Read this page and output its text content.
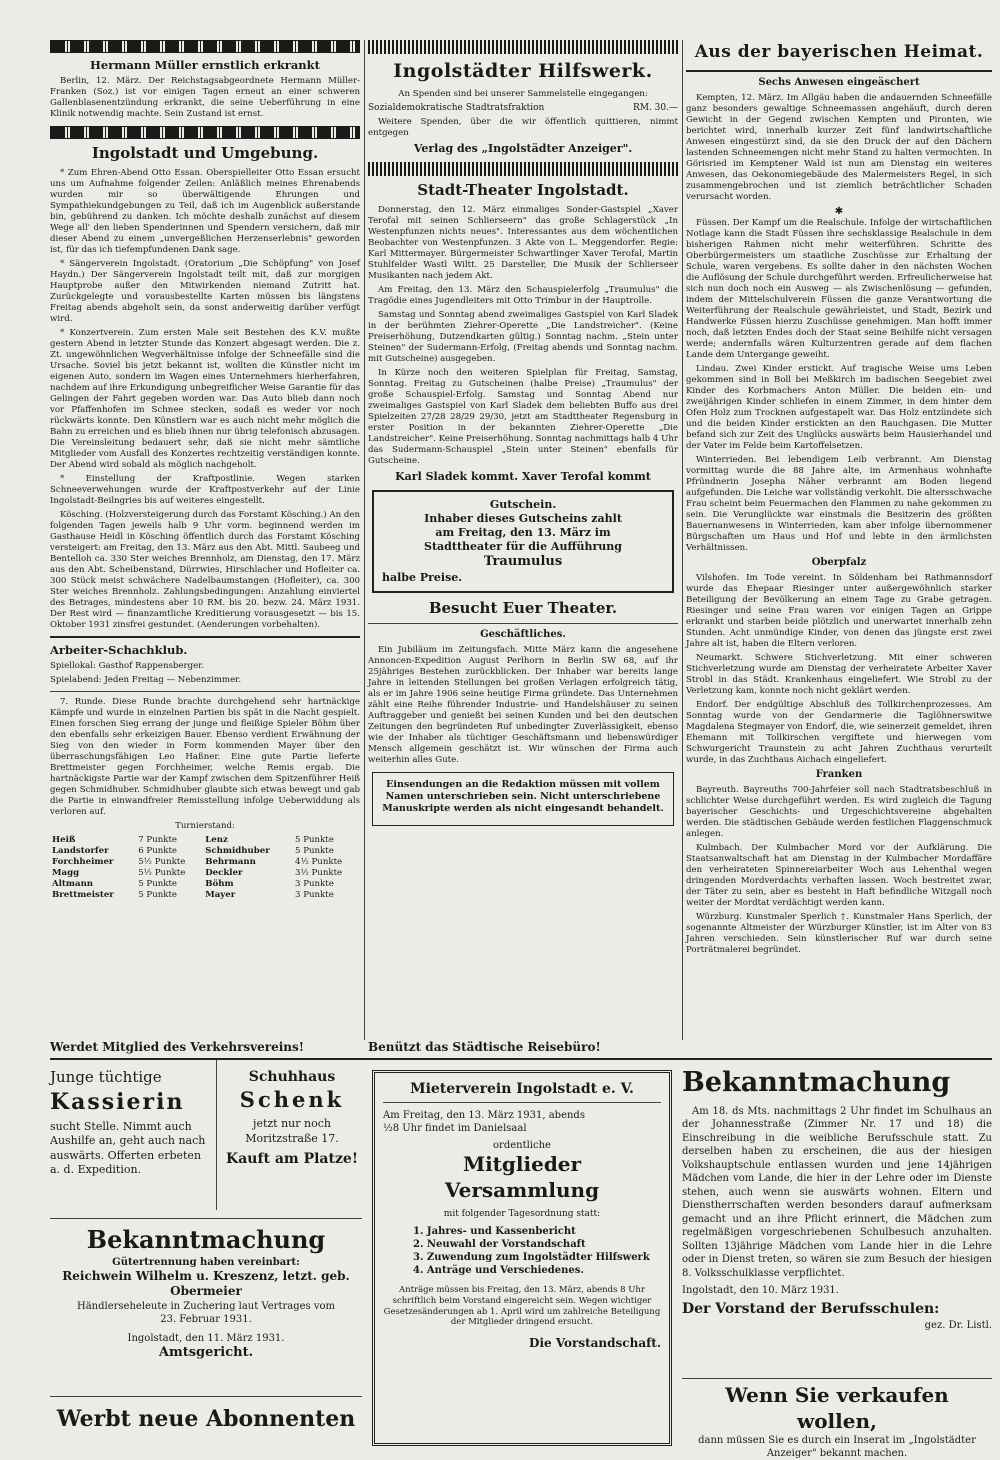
Hermann Müller ernstlich erkrankt

Berlin, 12. März. Der Reichstagsabgeordnete Hermann Müller-Franken (Soz.) ist vor einigen Tagen erneut an einer schweren Gallenblasenentzündung erkrankt, die seine Ueberführung in eine Klinik notwendig machte. Sein Zustand ist ernst.

Ingolstadt und Umgebung.

* Zum Ehren-Abend Otto Essan. Oberspielleiter Otto Essan ersucht uns um Aufnahme folgender Zeilen: Anläßlich meines Ehrenabends wurden mir so überwältigende Ehrungen und Sympathiekundgebungen zu Teil, daß ich im Augenblick außerstande bin, gebührend zu danken. Ich möchte deshalb zunächst auf diesem Wege all' den lieben Spenderinnen und Spendern versichern, daß mir dieser Abend zu einem „unvergeßlichen Herzenserlebnis" geworden ist, für das ich tiefempfundenen Dank sage.

* Sängerverein Ingolstadt. (Oratorium „Die Schöpfung" von Josef Haydn.) Der Sängerverein Ingolstadt teilt mit, daß zur morgigen Hauptprobe außer den Mitwirkenden niemand Zutritt hat. Zurückgelegte und vorausbestellte Karten müssen bis längstens Freitag abends abgeholt sein, da sonst anderweitig darüber verfügt wird.

* Konzertverein. Zum ersten Male seit Bestehen des K.V. mußte gestern Abend in letzter Stunde das Konzert abgesagt werden. Die z. Zt. ungewöhnlichen Wegverhältnisse infolge der Schneefälle sind die Ursache. Soviel bis jetzt bekannt ist, wollten die Künstler nicht im eigenen Auto, sondern im Wagen eines Unternehmers hierherfahren, nachdem auf ihre Erkundigung unbegreiflicher Weise Garantie für das Gelingen der Fahrt gegeben worden war. Das Auto blieb dann noch vor Pfaffenhofen im Schnee stecken, sodaß es weder vor noch rückwärts konnte. Den Künstlern war es auch nicht mehr möglich die Bahn zu erreichen und es blieb ihnen nur übrig telefonisch abzusagen. Die Vereinsleitung bedauert sehr, daß sie nicht mehr sämtliche Mitglieder vom Ausfall des Konzertes rechtzeitig verständigen konnte. Der Abend wird sobald als möglich nachgeholt.

* Einstellung der Kraftpostlinie. Wegen starken Schneeverwehungen wurde der Kraftpostverkehr auf der Linie Ingolstadt-Beilngries bis auf weiteres eingestellt.

Kösching. (Holzversteigerung durch das Forstamt Kösching.) An den folgenden Tagen jeweils halb 9 Uhr vorm. beginnend werden im Gasthause Heidl in Kösching öffentlich durch das Forstamt Kösching versteigert: am Freitag, den 13. März aus den Abt. Mittl. Saubeeg und Bentelloh ca. 330 Ster weiches Brennholz, am Dienstag, den 17. März aus den Abt. Scheibenstand, Dürrwies, Hirschlacher und Hofleiter ca. 300 Stück meist schwächere Nadelbaumstangen (Hofleiter), ca. 300 Ster weiches Brennholz. Zahlungsbedingungen: Anzahlung einviertel des Betrages, mindestens aber 10 RM. bis 20. bezw. 24. März 1931. Der Rest wird — finanzamtliche Kreditierung vorausgesetzt — bis 15. Oktober 1931 zinsfrei gestundet. (Aenderungen vorbehalten).

Arbeiter-Schachklub.

Spiellokal: Gasthof Rappensberger.

Spielabend: Jeden Freitag — Nebenzimmer.

7. Runde. Diese Runde brachte durchgehend sehr hartnäckige Kämpfe und wurde in einzelnen Partien bis spät in die Nacht gespielt. Einen forschen Sieg errang der junge und fleißige Spieler Böhm über den ebenfalls sehr erkeizigen Bauer. Ebenso verdient Erwähnung der Sieg von den wieder in Form kommenden Mayer über den überraschungsfähigen Leo Haßner. Eine gute Partie lieferte Brettmeister gegen Forchheimer, welche Remis ergab. Die hartnäckigste Partie war der Kampf zwischen dem Spitzenführer Heiß gegen Schmidhuber. Schmidhuber glaubte sich etwas bewegt und gab die Partie in einwandfreier Remisstellung infolge Ueberwiddung als verloren auf.

Turnierstand:

Heiß	7 Punkte	Lenz	5 Punkte
Landstorfer	6 Punkte	Schmidhuber	5 Punkte
Forchheimer	5½ Punkte	Behrmann	4½ Punkte
Magg	5½ Punkte	Deckler	3½ Punkte
Altmann	5 Punkte	Böhm	3 Punkte
Brettmeister	5 Punkte	Mayer	3 Punkte
Ingolstädter Hilfswerk.

An Spenden sind bei unserer Sammelstelle eingegangen:

Sozialdemokratische Stadtratsfraktion	RM. 30.—

Weitere Spenden, über die wir öffentlich quittieren, nimmt entgegen

Verlag des „Ingolstädter Anzeiger".

Stadt-Theater Ingolstadt.

Donnerstag, den 12. März einmaliges Sonder-Gastspiel „Xaver Terofal mit seinen Schlierseern" das große Schlagerstück „In Westenpfunzen nichts neues". Interessantes aus dem wöchentlichen Beobachter von Westenpfunzen. 3 Akte von L. Meggendorfer. Regie: Karl Mittermayer. Bürgermeister Schwartlinger Xaver Terofal, Martin Stuhlfelder Wastl Wiltt. 25 Darsteller, Die Musik der Schlierseer Musikanten nach jedem Akt.

Am Freitag, den 13. März den Schauspielerfolg „Traumulus" die Tragödie eines Jugendleiters mit Otto Trimbur in der Hauptrolle.

Samstag und Sonntag abend zweimaliges Gastspiel von Karl Sladek in der berühmten Ziehrer-Operette „Die Landstreicher". (Keine Preiserhöhung, Dutzendkarten gültig.) Sonntag nachm. „Stein unter Steinen" der Sudermann-Erfolg, (Freitag abends und Sonntag nachm. mit Gutscheine) ausgegeben.

In Kürze noch den weiteren Spielplan für Freitag, Samstag, Sonntag. Freitag zu Gutscheinen (halbe Preise) „Traumulus" der große Schauspiel-Erfolg. Samstag und Sonntag Abend nur zweimaliges Gastspiel von Karl Sladek dem beliebten Buffo aus drei Spielzeiten 27/28 28/29 29/30, jetzt am Stadttheater Regensburg in erster Position in der bekannten Ziehrer-Operette „Die Landstreicher". Keine Preiserhöhung. Sonntag nachmittags halb 4 Uhr das Sudermann-Schauspiel „Stein unter Steinen" ebenfalls für Gutscheine.

Karl Sladek kommt. Xaver Terofal kommt

Gutschein.
Inhaber dieses Gutscheins zahlt
am Freitag, den 13. März im
Stadttheater für die Aufführung
Traumulus
halbe Preise.
Besucht Euer Theater.
Geschäftliches.

Ein Jubiläum im Zeitungsfach. Mitte März kann die angesehene Annoncen-Expedition August Perlhorn in Berlin SW 68, auf ihr 25jähriges Bestehen zurückblicken. Der Inhaber war bereits lange Jahre in leitenden Stellungen bei großen Verlagen erfolgreich tätig, als er im Jahre 1906 seine heutige Firma gründete. Das Unternehmen zählt eine Reihe führender Industrie- und Handelshäuser zu seinen Auftraggeber und genießt bei seinen Kunden und bei den deutschen Zeitungen den begründeten Ruf unbedingter Zuverlässigkeit, ebenso wie der Inhaber als tüchtiger Geschäftsmann und liebenswürdiger Mensch allgemein geschätzt ist. Wir wünschen der Firma auch weiterhin alles Gute.

Einsendungen an die Redaktion müssen mit vollem Namen unterschrieben sein. Nicht unterschriebene Manuskripte werden als nicht eingesandt behandelt.

Aus der bayerischen Heimat.
Sechs Anwesen eingeäschert

Kempten, 12. März. Im Allgäu haben die andauernden Schneefälle ganz besonders gewaltige Schneemassen angehäuft, durch deren Gewicht in der Gegend zwischen Kempten und Pironten, wie berichtet wird, innerhalb kurzer Zeit fünf landwirtschaftliche Anwesen eingestürzt sind, da sie den Druck der auf den Dächern lastenden Schneemengen nicht mehr Stand zu halten vermochten. In Görisried im Kemptener Wald ist nun am Dienstag ein weiteres Anwesen, das Oekonomiegebäude des Malermeisters Regel, in sich zusammengebrochen und ist ziemlich beträchtlicher Schaden verursacht worden.

✱

Füssen. Der Kampf um die Realschule. Infolge der wirtschaftlichen Notlage kann die Stadt Füssen ihre sechsklassige Realschule in dem bisherigen Rahmen nicht mehr weiterführen. Schritte des Oberbürgermeisters um staatliche Zuschüsse zur Erhaltung der Schule, waren vergebens. Es sollte daher in den nächsten Wochen die Auflösung der Schule durchgeführt werden. Erfreulicherweise hat sich nun doch noch ein Ausweg — als Zwischenlösung — gefunden, indem der Mittelschulverein Füssen die ganze Verantwortung die Weiterführung der Realschule gewährleistet, und Stadt, Bezirk und Handwerke Füssen hierzu Zuschüsse genehmigen. Man hofft immer noch, daß letzten Endes doch der Staat seine Beihilfe nicht versagen werde; andernfalls wären Kulturzentren gerade auf dem flachen Lande dem Untergange geweiht.

Lindau. Zwei Kinder erstickt. Auf tragische Weise ums Leben gekommen sind in Boll bei Meßkirch im badischen Seegebiet zwei Kinder des Korbmachers Anton Müller. Die beiden ein- und zweijährigen Kinder schliefen in einem Zimmer, in dem hinter dem Ofen Holz zum Trocknen aufgestapelt war. Das Holz entzündete sich und die beiden Kinder erstickten an den Rauchgasen. Die Mutter befand sich zur Zeit des Unglücks auswärts beim Hausierhandel und der Vater im Felde beim Kartoffelsetzen.

Winterrieden. Bei lebendigem Leib verbrannt. Am Dienstag vormittag wurde die 88 Jahre alte, im Armenhaus wohnhafte Pfründnerin Josepha Näher verbrannt am Boden liegend aufgefunden. Die Leiche war vollständig verkohlt. Die altersschwache Frau scheint beim Feuermachen den Flammen zu nahe gekommen zu sein. Die Verunglückte war einstmals die Besitzerin des größten Bauernanwesens in Winterrieden, kam aber infolge übernommener Bürgschaften um Haus und Hof und lebte in den ärmlichsten Verhältnissen.

Oberpfalz

Vilshofen. Im Tode vereint. In Söldenham bei Rathmannsdorf wurde das Ehepaar Riesinger unter außergewöhnlich starker Beteiligung der Bevölkerung an einem Tage zu Grabe getragen. Riesinger und seine Frau waren vor einigen Tagen an Grippe erkrankt und starben beide plötzlich und unerwartet innerhalb zehn Stunden. Acht unmündige Kinder, von denen das jüngste erst zwei Jahre alt ist, haben die Eltern verloren.

Neumarkt. Schwere Stichverletzung. Mit einer schweren Stichverletzung wurde am Dienstag der verheiratete Arbeiter Xaver Strobl in das Städt. Krankenhaus eingeliefert. Wie Strobl zu der Verletzung kam, konnte noch nicht geklärt werden.

Endorf. Der endgültige Abschluß des Tollkirchenprozesses. Am Sonntag wurde von der Gendarmerie die Taglöhnerswitwe Magdalena Stegmayer von Endorf, die, wie seinerzeit gemeldet, ihren Ehemann mit Tollkirschen vergiftete und hierwegen vom Schwurgericht Traunstein zu acht Jahren Zuchthaus verurteilt wurde, in das Zuchthaus Aichach eingeliefert.

Franken

Bayreuth. Bayreuths 700-Jahrfeier soll nach Stadtratsbeschluß in schlichter Weise durchgeführt werden. Es wird zugleich die Tagung bayerischer Geschichts- und Urgeschichtsvereine abgehalten werden. Die städtischen Gebäude werden festlichen Flaggenschmuck anlegen.

Kulmbach. Der Kulmbacher Mord vor der Aufklärung. Die Staatsanwaltschaft hat am Dienstag in der Kulmbacher Mordaffäre den verheirateten Spinnereiarbeiter Woch aus Lehenthal wegen dringenden Mordverdachts verhaften lassen. Woch bestreitet zwar, der Täter zu sein, aber es besteht in Haft befindliche Witzgall noch weiter der Mordtat verdächtigt werden kann.

Würzburg. Kunstmaler Sperlich †. Kunstmaler Hans Sperlich, der sogenannte Altmeister der Würzburger Künstler, ist im Alter von 83 Jahren verschieden. Sein künstlerischer Ruf war durch seine Porträtmalerei begründet.

Werdet Mitglied des Verkehrsvereins!	Benützt das Städtische Reisebüro!
Junge tüchtige
Kassierin
sucht Stelle. Nimmt auch Aushilfe an, geht auch nach auswärts. Offerten erbeten a. d. Expedition.
Schuhhaus
Schenk
jetzt nur noch Moritzstraße 17.
Kauft am Platze!
Bekanntmachung
Gütertrennung haben vereinbart:
Reichwein Wilhelm u. Kreszenz, letzt. geb. Obermeier
Händlerseheleute in Zuchering laut Vertrages vom
23. Februar 1931.
Ingolstadt, den 11. März 1931.
Amtsgericht.
Werbt neue Abonnenten
Mieterverein Ingolstadt e. V.
Am Freitag, den 13. März 1931, abends
½8 Uhr findet im Danielsaal
ordentliche
Mitglieder
Versammlung
mit folgender Tagesordnung statt:
1. Jahres- und Kassenbericht
2. Neuwahl der Vorstandschaft
3. Zuwendung zum Ingolstädter Hilfswerk
4. Anträge und Verschiedenes.
Anträge müssen bis Freitag, den 13. März, abends 8 Uhr schriftlich beim Vorstand eingereicht sein. Wegen wichtiger Gesetzesänderungen ab 1. April wird um zahlreiche Beteiligung der Mitglieder dringend ersucht.
Die Vorstandschaft.
Bekanntmachung

Am 18. ds Mts. nachmittags 2 Uhr findet im Schulhaus an der Johannesstraße (Zimmer Nr. 17 und 18) die Einschreibung in die weibliche Berufsschule statt. Zu derselben haben zu erscheinen, die aus der hiesigen Volkshauptschule entlassen wurden und jene 14jährigen Mädchen vom Lande, die hier in der Lehre oder im Dienste stehen, auch wenn sie auswärts wohnen. Eltern und Dienstherrschaften werden besonders darauf aufmerksam gemacht und an ihre Pflicht erinnert, die Mädchen zum regelmäßigen vorgeschriebenen Schulbesuch anzuhalten. Sollten 13jährige Mädchen vom Lande hier in die Lehre oder in Dienst treten, so wären sie zum Besuch der hiesigen 8. Volksschulklasse verpflichtet.

Ingolstadt, den 10. März 1931.
Der Vorstand der Berufsschulen:
gez. Dr. Listl.
Wenn Sie verkaufen wollen,
dann müssen Sie es durch ein Inserat im „Ingolstädter Anzeiger" bekannt machen.
